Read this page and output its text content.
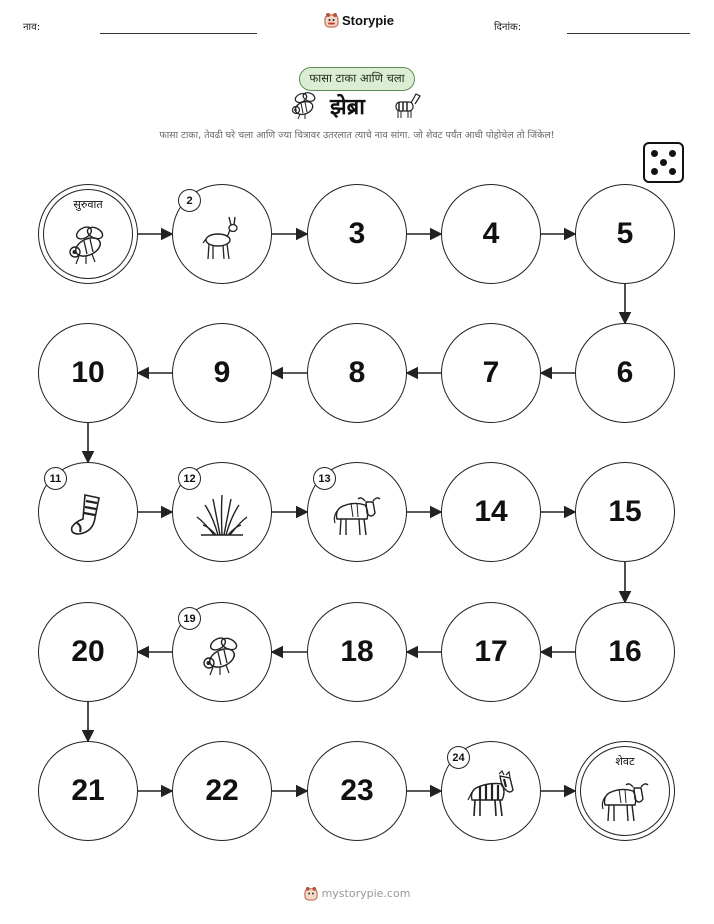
नाव:	Storypie	दिनांक:
फासा टाका आणि चला
झेब्रा
फासा टाका, तेवढी घरे चला आणि ज्या चित्रावर उतरलात त्याचे नाव सांगा. जो शेवट पर्यंत आधी पोहोचेल तो जिंकेल!
सुरुवात	2
3	4	5
6
7
8
9
10
11	12	13
14	15
16
17
18
19
20
21	22	23
24	शेवट
mystorypie.com
